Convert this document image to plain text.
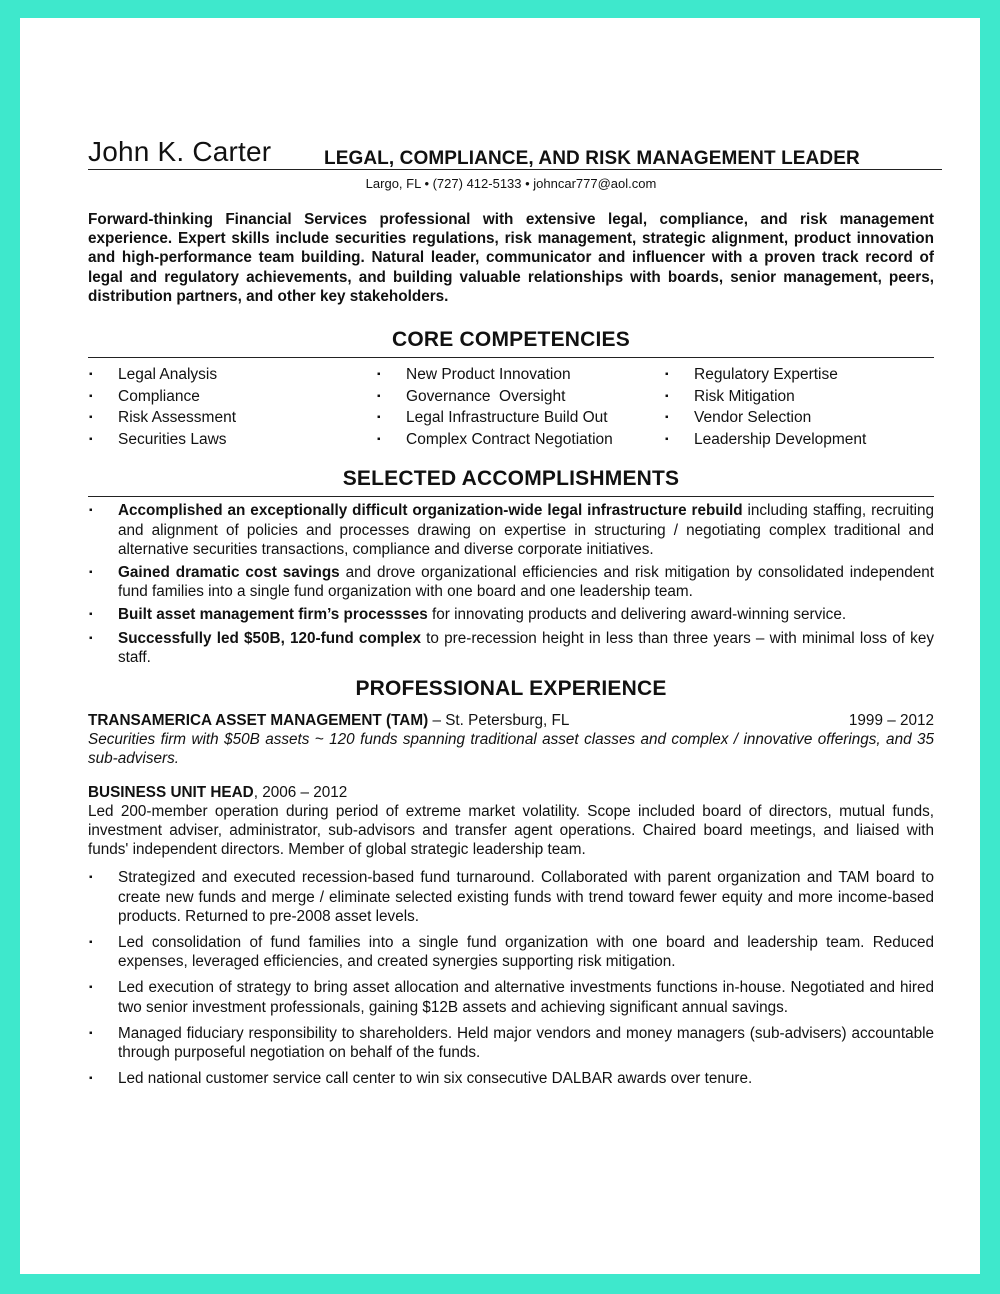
John K. Carter	LEGAL, COMPLIANCE, AND RISK MANAGEMENT LEADER
Largo, FL • (727) 412-5133 • johncar777@aol.com

Forward-thinking Financial Services professional with extensive legal, compliance, and risk management experience. Expert skills include securities regulations, risk management, strategic alignment, product innovation and high-performance team building. Natural leader, communicator and influencer with a proven track record of legal and regulatory achievements, and building valuable relationships with boards, senior management, peers, distribution partners, and other key stakeholders.

CORE COMPETENCIES
▪ Legal Analysis
▪ Compliance
▪ Risk Assessment
▪ Securities Laws
▪ New Product Innovation
▪ Governance  Oversight
▪ Legal Infrastructure Build Out
▪ Complex Contract Negotiation
▪ Regulatory Expertise
▪ Risk Mitigation
▪ Vendor Selection
▪ Leadership Development
SELECTED ACCOMPLISHMENTS
▪ Accomplished an exceptionally difficult organization-wide legal infrastructure rebuild including staffing, recruiting and alignment of policies and processes drawing on expertise in structuring / negotiating complex traditional and alternative securities transactions, compliance and diverse corporate initiatives.
▪ Gained dramatic cost savings and drove organizational efficiencies and risk mitigation by consolidated independent fund families into a single fund organization with one board and one leadership team.
▪ Built asset management firm’s processses for innovating products and delivering award-winning service.
▪ Successfully led $50B, 120-fund complex to pre-recession height in less than three years – with minimal loss of key staff.
PROFESSIONAL EXPERIENCE
TRANSAMERICA ASSET MANAGEMENT (TAM) – St. Petersburg, FL	1999 – 2012
Securities firm with $50B assets ~ 120 funds spanning traditional asset classes and complex / innovative offerings, and 35 sub-advisers.
BUSINESS UNIT HEAD, 2006 – 2012
Led 200-member operation during period of extreme market volatility. Scope included board of directors, mutual funds, investment adviser, administrator, sub-advisors and transfer agent operations. Chaired board meetings, and liaised with funds' independent directors. Member of global strategic leadership team.
▪ Strategized and executed recession-based fund turnaround. Collaborated with parent organization and TAM board to create new funds and merge / eliminate selected existing funds with trend toward fewer equity and more income-based products. Returned to pre-2008 asset levels.
▪ Led consolidation of fund families into a single fund organization with one board and leadership team. Reduced expenses, leveraged efficiencies, and created synergies supporting risk mitigation.
▪ Led execution of strategy to bring asset allocation and alternative investments functions in-house. Negotiated and hired two senior investment professionals, gaining $12B assets and achieving significant annual savings.
▪ Managed fiduciary responsibility to shareholders. Held major vendors and money managers (sub-advisers) accountable through purposeful negotiation on behalf of the funds.
▪ Led national customer service call center to win six consecutive DALBAR awards over tenure.
